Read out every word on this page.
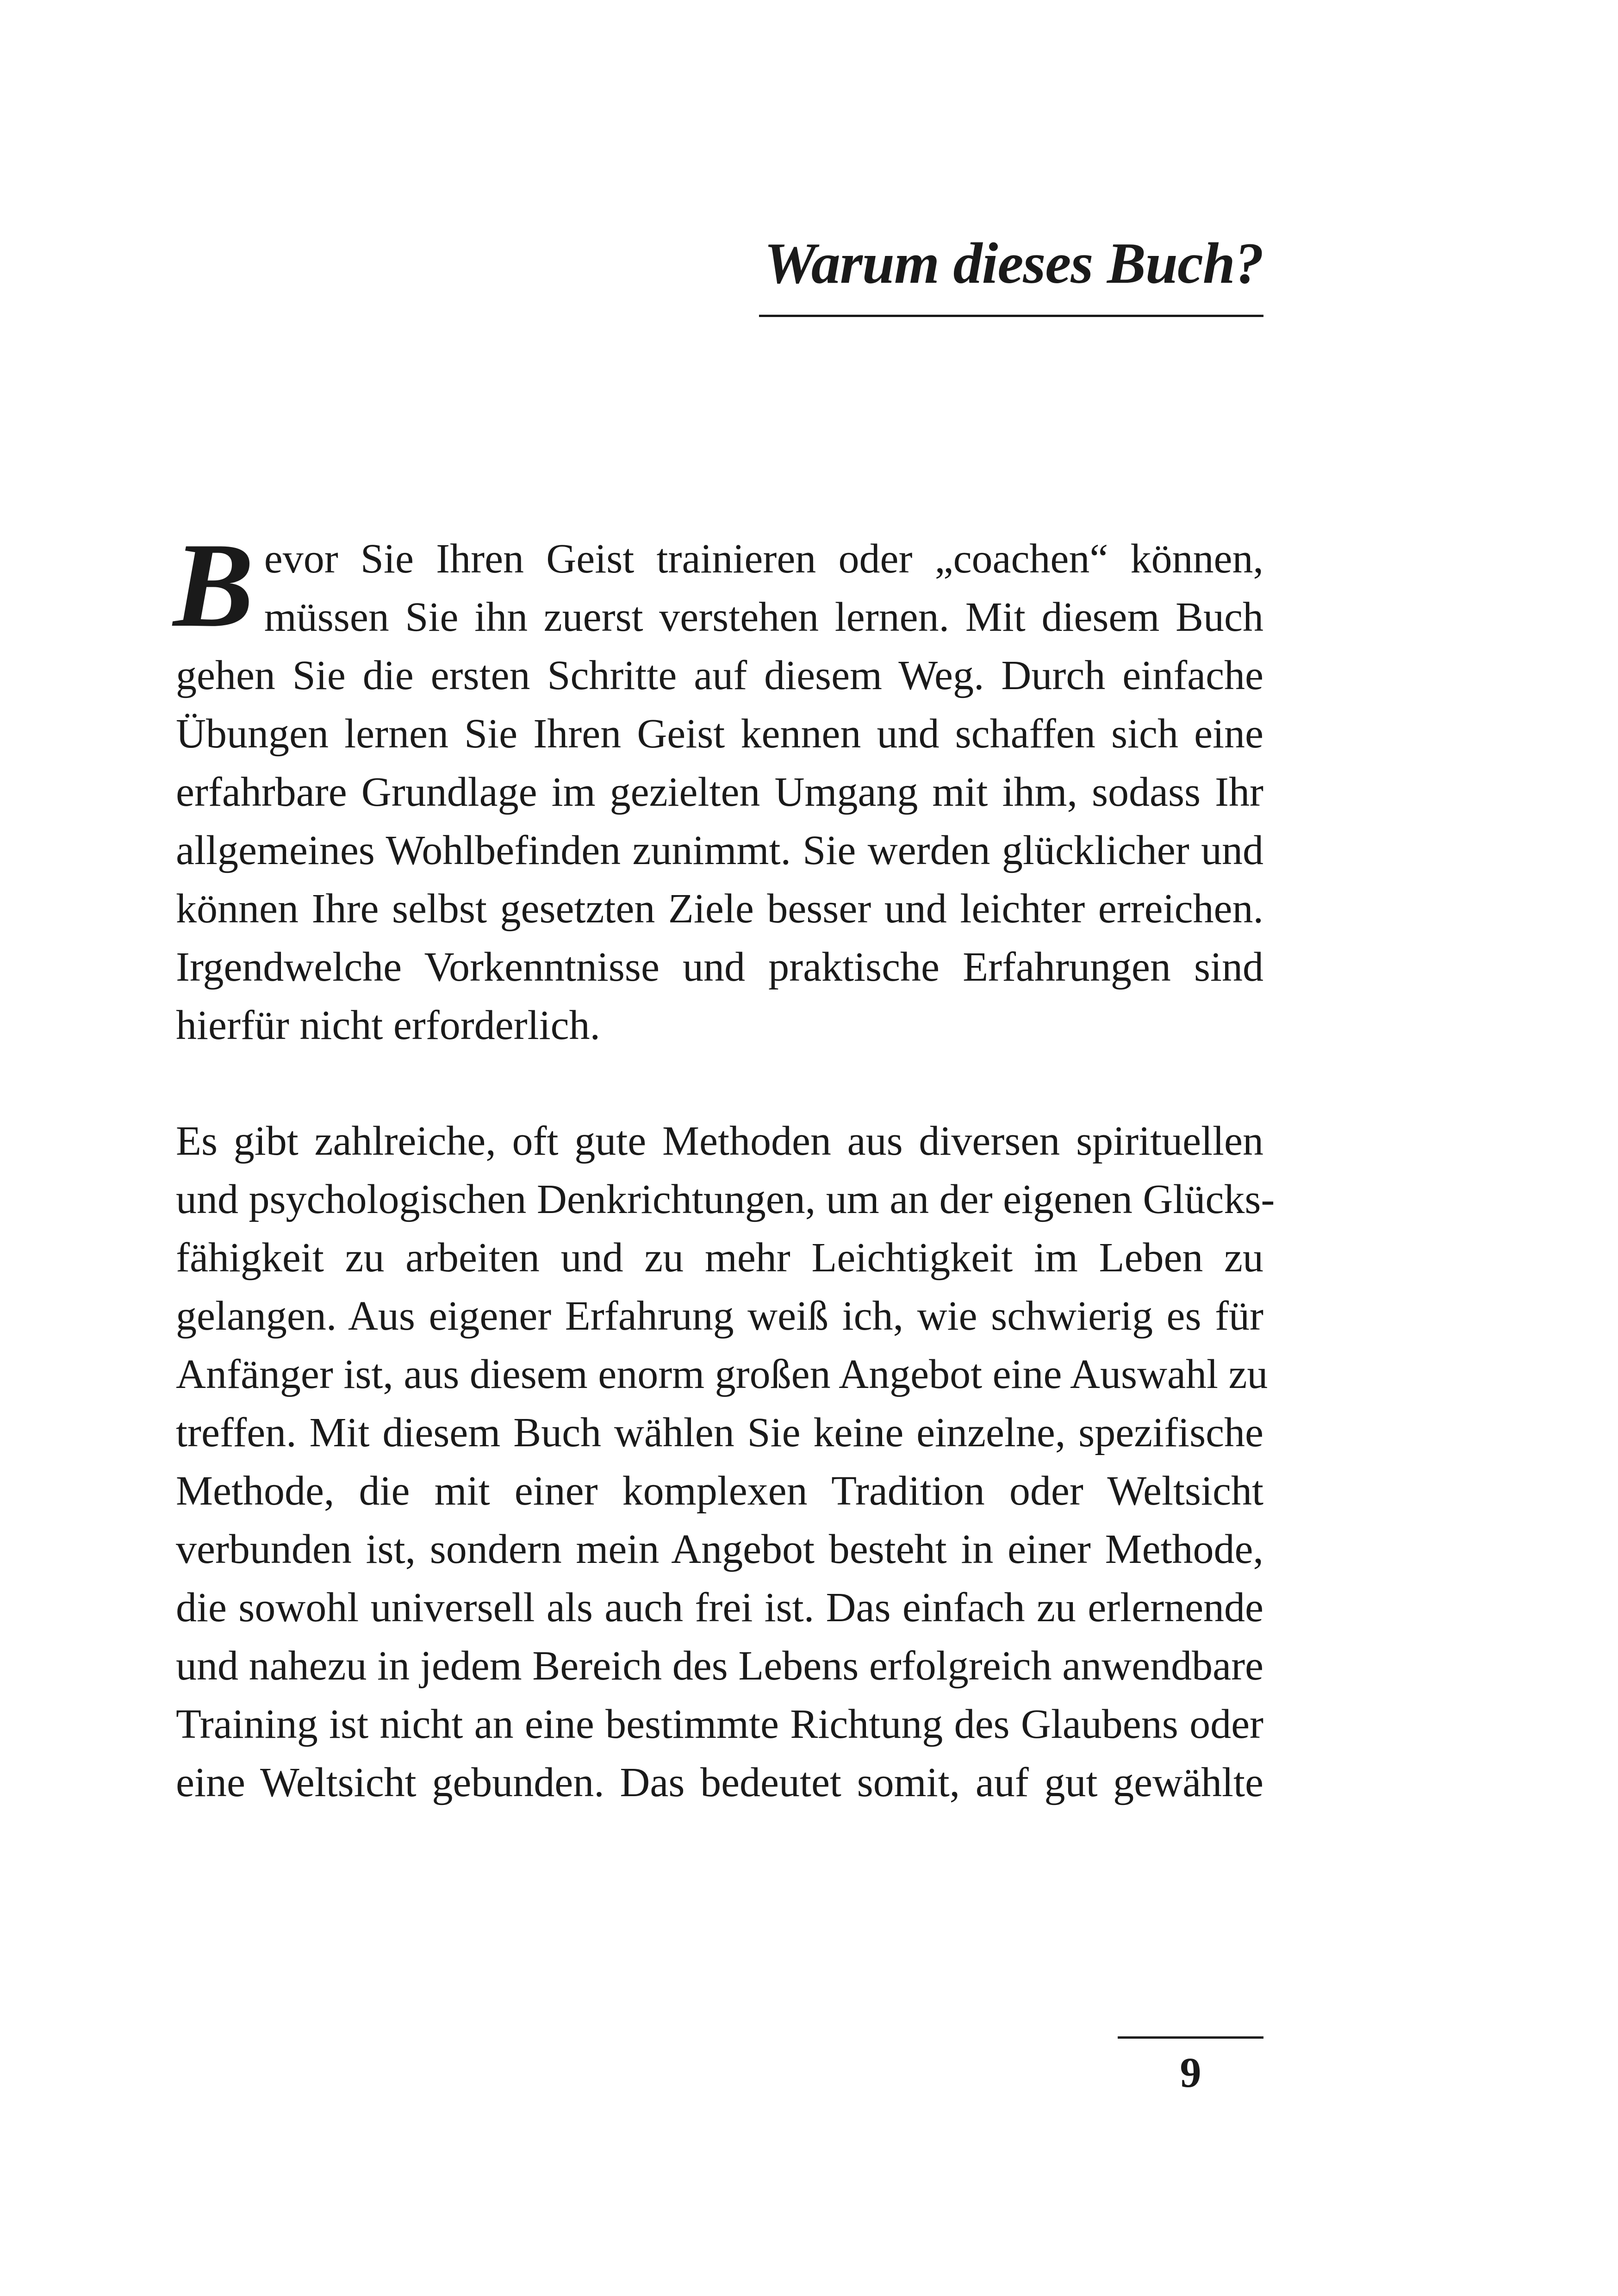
Warum dieses Buch?
B evor Sie Ihren Geist trainieren oder „coachen“ können,
müssen Sie ihn zuerst verstehen lernen. Mit diesem Buch
gehen Sie die ersten Schritte auf diesem Weg. Durch einfache
Übungen lernen Sie Ihren Geist kennen und schaffen sich eine
erfahrbare Grundlage im gezielten Umgang mit ihm, sodass Ihr
allgemeines Wohlbefinden zunimmt. Sie werden glücklicher und
können Ihre selbst gesetzten Ziele besser und leichter erreichen.
Irgendwelche Vorkenntnisse und praktische Erfahrungen sind
hierfür nicht erforderlich.
Es gibt zahlreiche, oft gute Methoden aus diversen spirituellen
und psychologischen Denkrichtungen, um an der eigenen Glücks-
fähigkeit zu arbeiten und zu mehr Leichtigkeit im Leben zu
gelangen. Aus eigener Erfahrung weiß ich, wie schwierig es für
Anfänger ist, aus diesem enorm großen Angebot eine Auswahl zu
treffen. Mit diesem Buch wählen Sie keine einzelne, spezifische
Methode, die mit einer komplexen Tradition oder Weltsicht
verbunden ist, sondern mein Angebot besteht in einer Methode,
die sowohl universell als auch frei ist. Das einfach zu erlernende
und nahezu in jedem Bereich des Lebens erfolgreich anwendbare
Training ist nicht an eine bestimmte Richtung des Glaubens oder
eine Weltsicht gebunden. Das bedeutet somit, auf gut gewählte
9
